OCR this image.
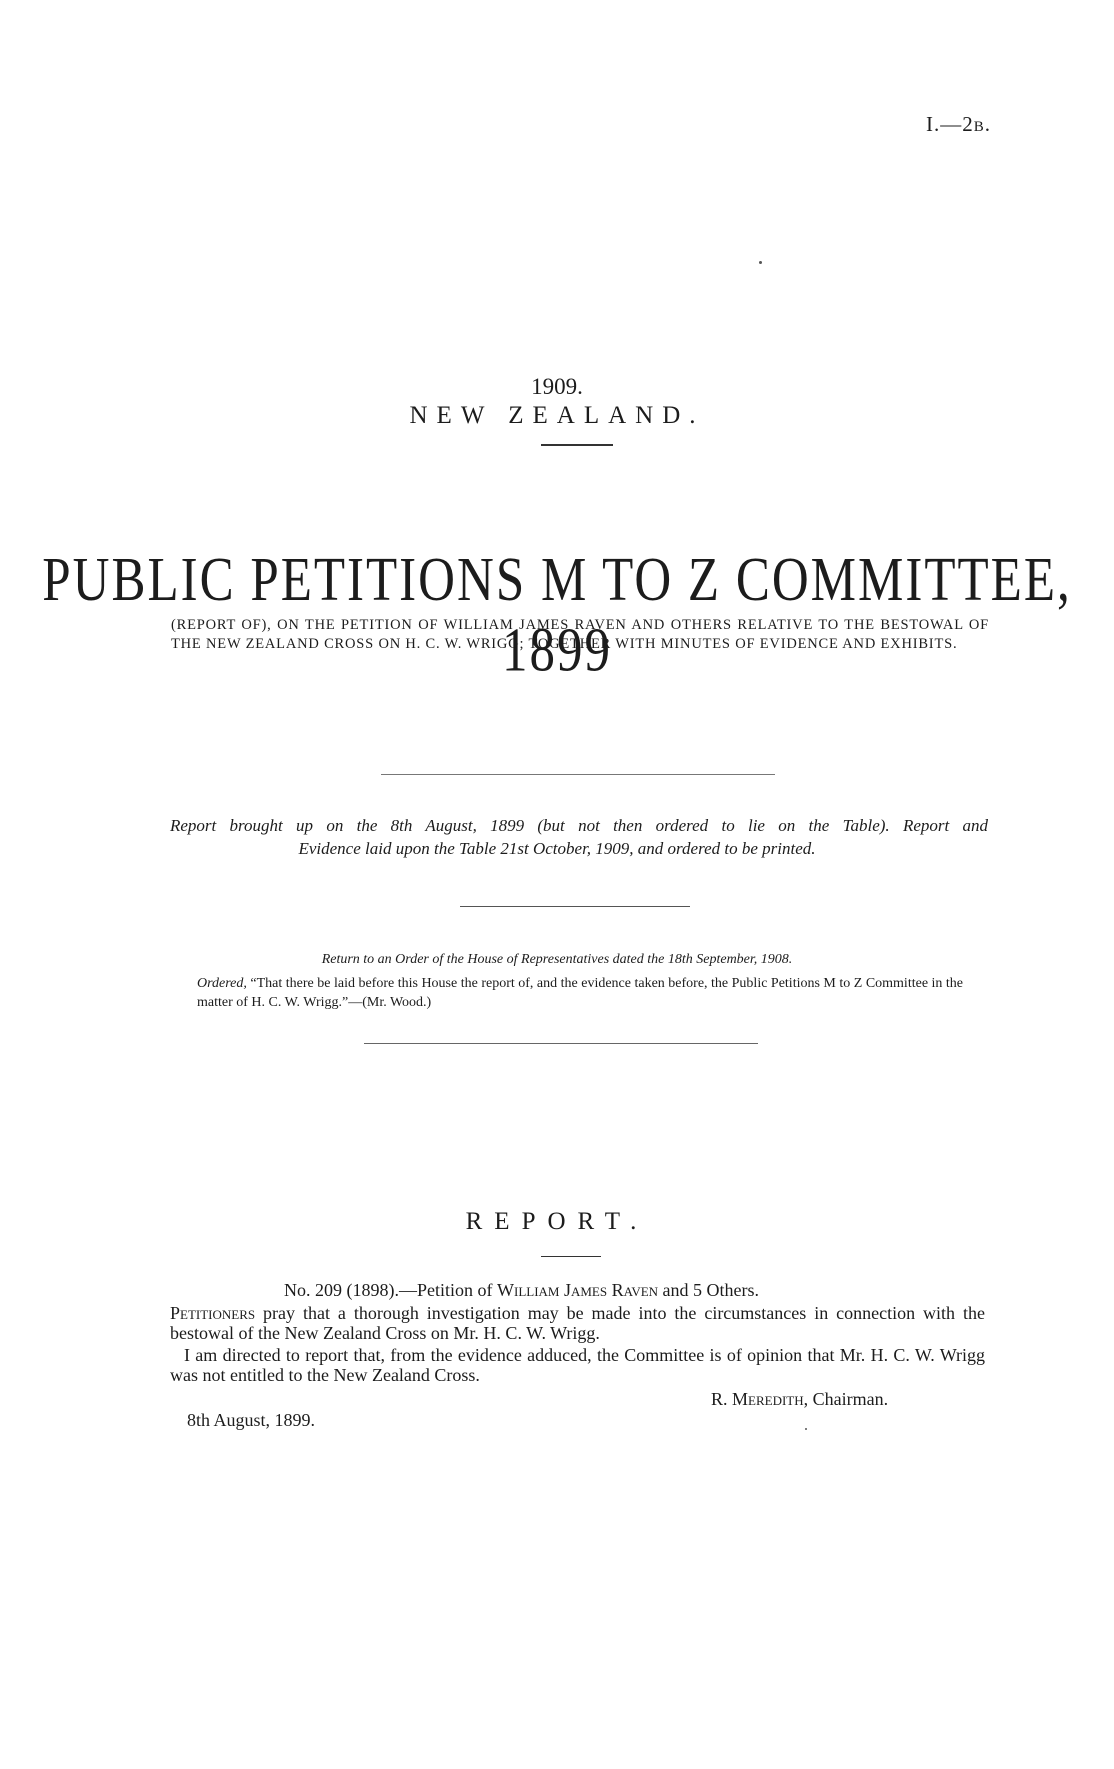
I.—2B.
1909.
NEW ZEALAND.
PUBLIC PETITIONS M TO Z COMMITTEE, 1899
(REPORT OF), ON THE PETITION OF WILLIAM JAMES RAVEN AND OTHERS RELATIVE TO THE BESTOWAL OF THE NEW ZEALAND CROSS ON H. C. W. WRIGG; TOGETHER WITH MINUTES OF EVIDENCE AND EXHIBITS.
Report brought up on the 8th August, 1899 (but not then ordered to lie on the Table). Report and
Evidence laid upon the Table 21st October, 1909, and ordered to be printed.
Return to an Order of the House of Representatives dated the 18th September, 1908.
Ordered, “That there be laid before this House the report of, and the evidence taken before, the Public Petitions M to Z Committee in the matter of H. C. W. Wrigg.”—(Mr. Wood.)
REPORT.
No. 209 (1898).—Petition of William James Raven and 5 Others.
Petitioners pray that a thorough investigation may be made into the circumstances in connection with the bestowal of the New Zealand Cross on Mr. H. C. W. Wrigg.
I am directed to report that, from the evidence adduced, the Committee is of opinion that Mr. H. C. W. Wrigg was not entitled to the New Zealand Cross.
R. Meredith, Chairman.
8th August, 1899.
